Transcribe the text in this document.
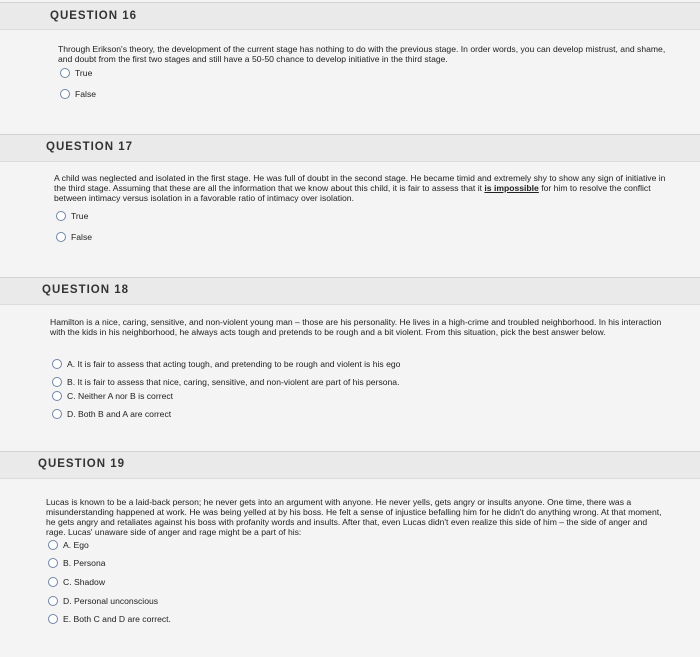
QUESTION 16
Through Erikson's theory, the development of the current stage has nothing to do with the previous stage. In order words, you can develop mistrust, and shame, and doubt from the first two stages and still have a 50-50 chance to develop initiative in the third stage.
True
False
QUESTION 17
A child was neglected and isolated in the first stage. He was full of doubt in the second stage. He became timid and extremely shy to show any sign of initiative in the third stage. Assuming that these are all the information that we know about this child, it is fair to assess that it is impossible for him to resolve the conflict between intimacy versus isolation in a favorable ratio of intimacy over isolation.
True
False
QUESTION 18
Hamilton is a nice, caring, sensitive, and non-violent young man – those are his personality. He lives in a high-crime and troubled neighborhood. In his interaction with the kids in his neighborhood, he always acts tough and pretends to be rough and a bit violent. From this situation, pick the best answer below.
A. It is fair to assess that acting tough, and pretending to be rough and violent is his ego
B. It is fair to assess that nice, caring, sensitive, and non-violent are part of his persona.
C. Neither A nor B is correct
D. Both B and A are correct
QUESTION 19
Lucas is known to be a laid-back person; he never gets into an argument with anyone. He never yells, gets angry or insults anyone. One time, there was a misunderstanding happened at work. He was being yelled at by his boss. He felt a sense of injustice befalling him for he didn't do anything wrong. At that moment, he gets angry and retaliates against his boss with profanity words and insults. After that, even Lucas didn't even realize this side of him – the side of anger and rage. Lucas' unaware side of anger and rage might be a part of his:
A. Ego
B. Persona
C. Shadow
D. Personal unconscious
E. Both C and D are correct.
